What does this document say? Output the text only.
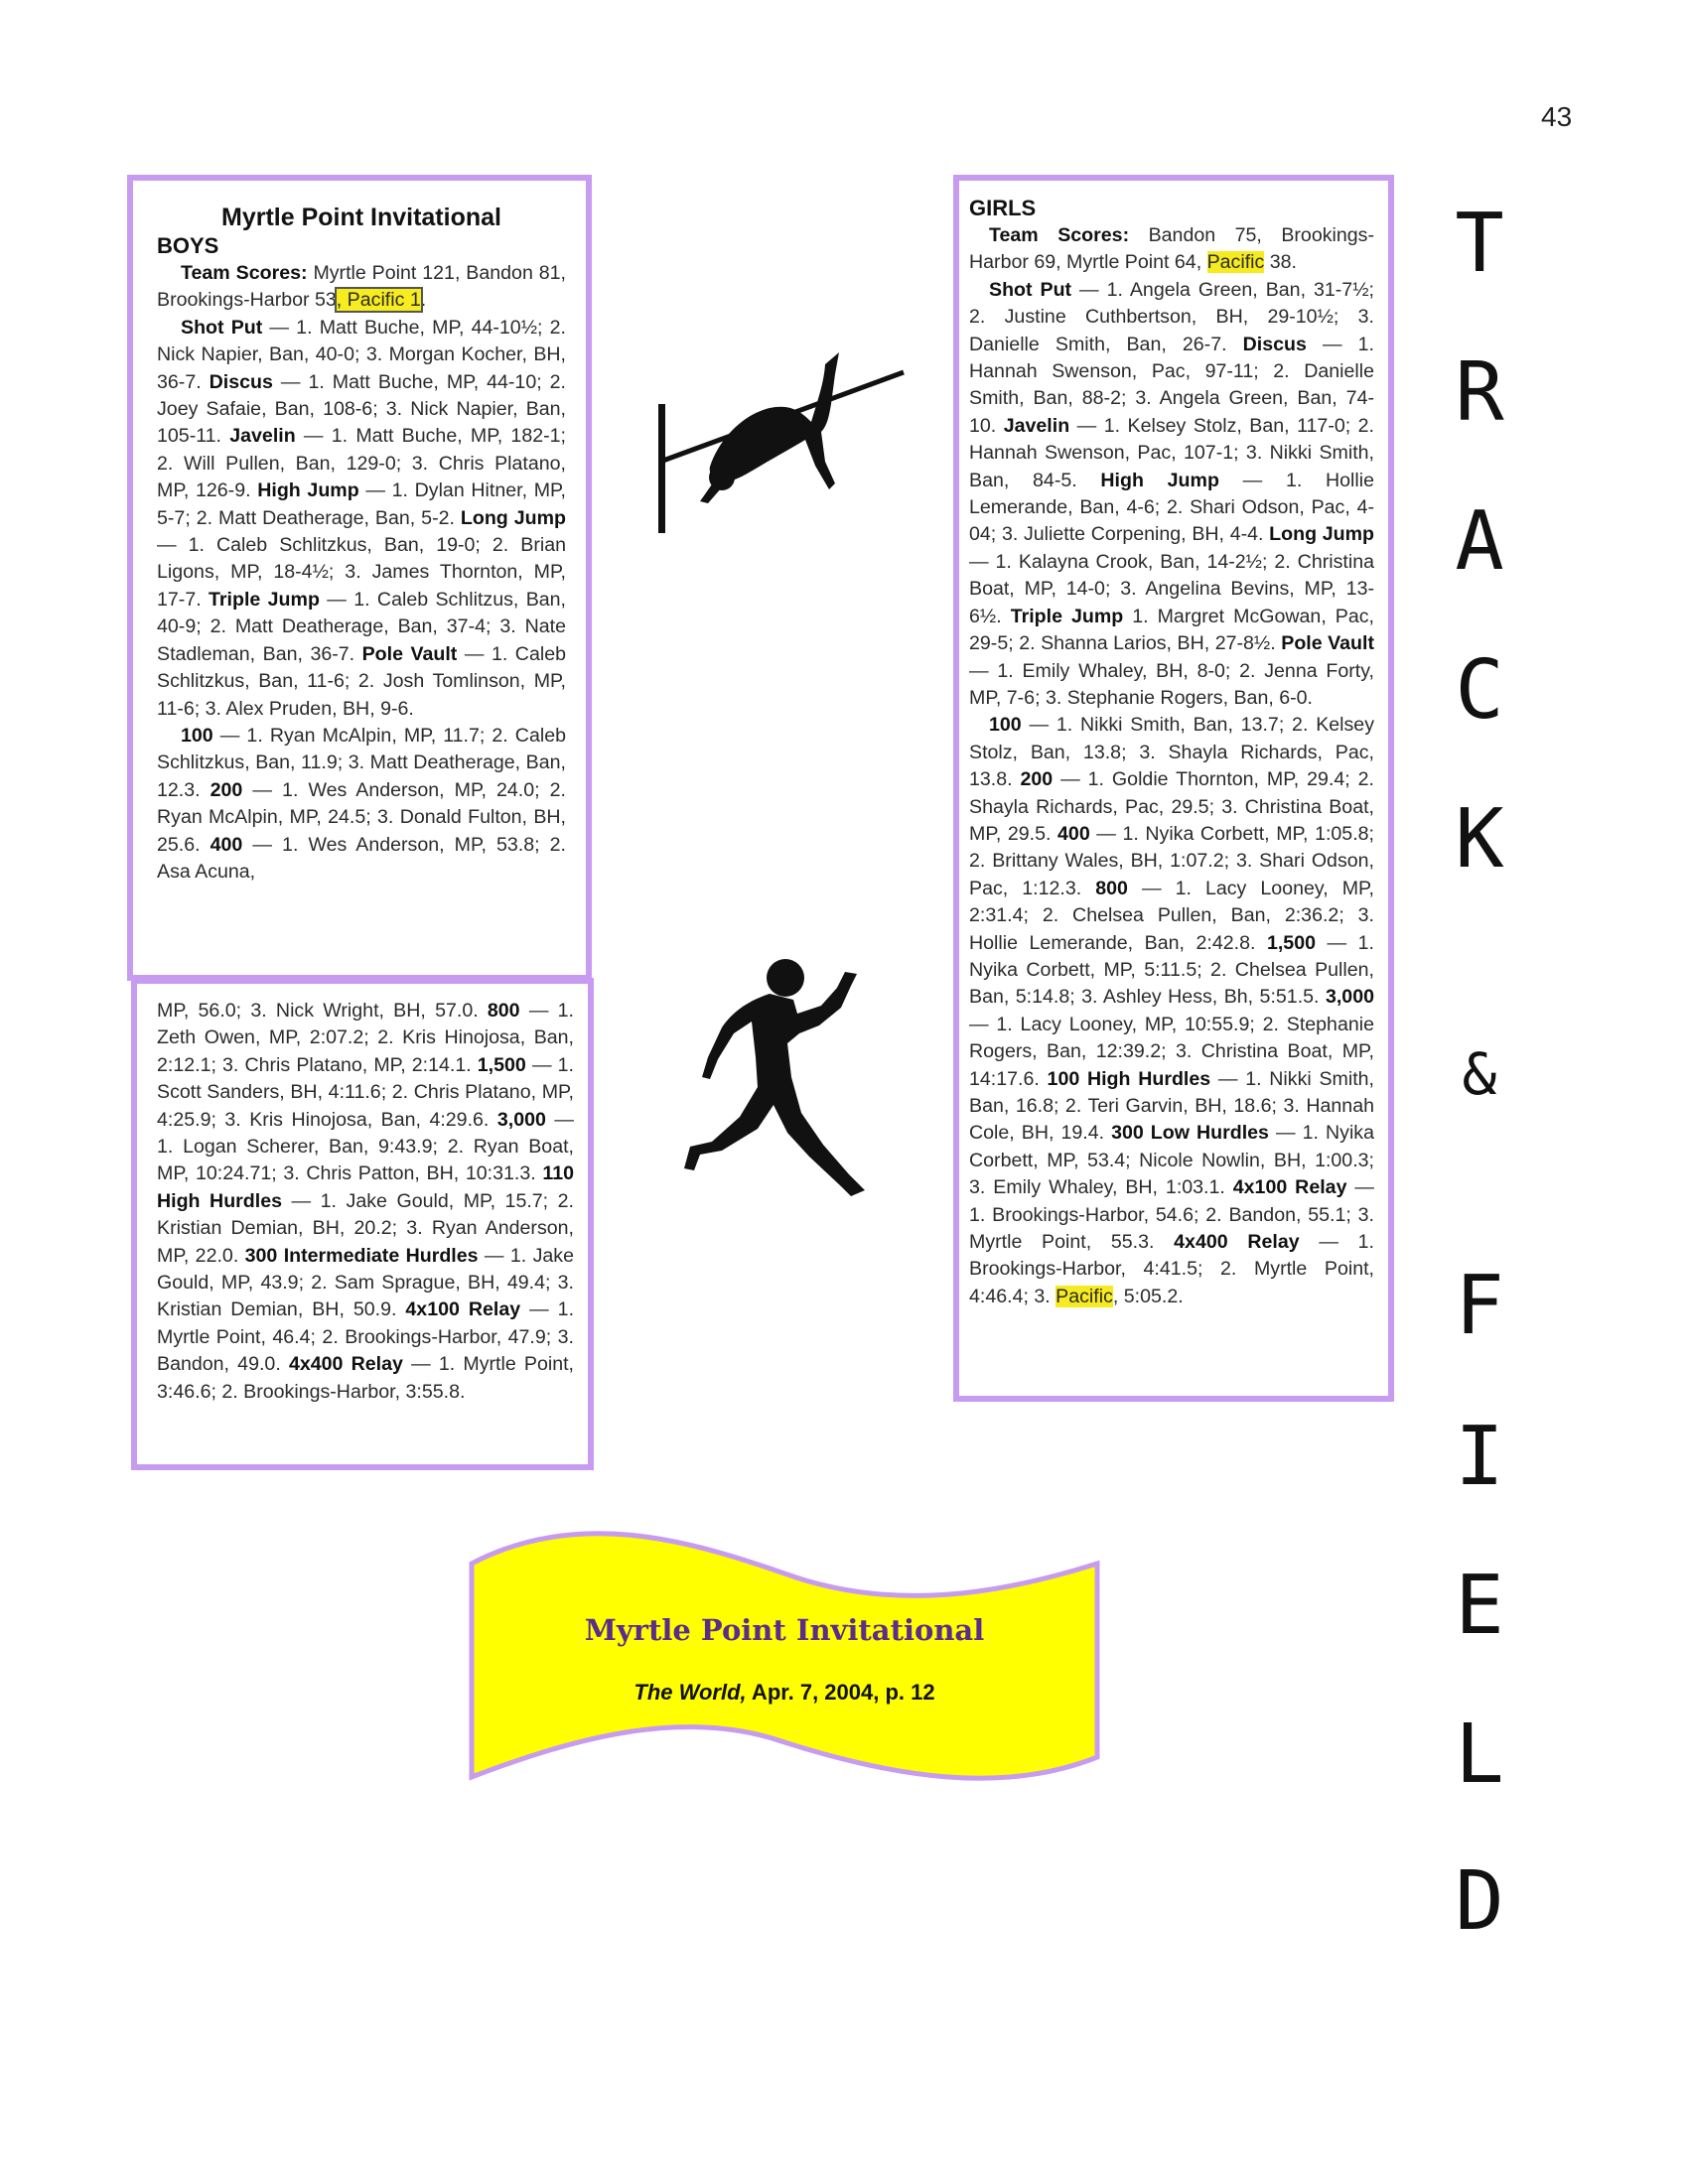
43
Myrtle Point Invitational
BOYS
Team Scores: Myrtle Point 121, Bandon 81, Brookings-Harbor 53, Pacific 1.
Shot Put — 1. Matt Buche, MP, 44-10½; 2. Nick Napier, Ban, 40-0; 3. Morgan Kocher, BH, 36-7. Discus — 1. Matt Buche, MP, 44-10; 2. Joey Safaie, Ban, 108-6; 3. Nick Napier, Ban, 105-11. Javelin — 1. Matt Buche, MP, 182-1; 2. Will Pullen, Ban, 129-0; 3. Chris Platano, MP, 126-9. High Jump — 1. Dylan Hitner, MP, 5-7; 2. Matt Deatherage, Ban, 5-2. Long Jump — 1. Caleb Schlitzkus, Ban, 19-0; 2. Brian Ligons, MP, 18-4½; 3. James Thornton, MP, 17-7. Triple Jump — 1. Caleb Schlitzus, Ban, 40-9; 2. Matt Deatherage, Ban, 37-4; 3. Nate Stadleman, Ban, 36-7. Pole Vault — 1. Caleb Schlitzkus, Ban, 11-6; 2. Josh Tomlinson, MP, 11-6; 3. Alex Pruden, BH, 9-6.
100 — 1. Ryan McAlpin, MP, 11.7; 2. Caleb Schlitzkus, Ban, 11.9; 3. Matt Deatherage, Ban, 12.3. 200 — 1. Wes Anderson, MP, 24.0; 2. Ryan McAlpin, MP, 24.5; 3. Donald Fulton, BH, 25.6. 400 — 1. Wes Anderson, MP, 53.8; 2. Asa Acuna,
MP, 56.0; 3. Nick Wright, BH, 57.0. 800 — 1. Zeth Owen, MP, 2:07.2; 2. Kris Hinojosa, Ban, 2:12.1; 3. Chris Platano, MP, 2:14.1. 1,500 — 1. Scott Sanders, BH, 4:11.6; 2. Chris Platano, MP, 4:25.9; 3. Kris Hinojosa, Ban, 4:29.6. 3,000 — 1. Logan Scherer, Ban, 9:43.9; 2. Ryan Boat, MP, 10:24.71; 3. Chris Patton, BH, 10:31.3. 110 High Hurdles — 1. Jake Gould, MP, 15.7; 2. Kristian Demian, BH, 20.2; 3. Ryan Anderson, MP, 22.0. 300 Intermediate Hurdles — 1. Jake Gould, MP, 43.9; 2. Sam Sprague, BH, 49.4; 3. Kristian Demian, BH, 50.9. 4x100 Relay — 1. Myrtle Point, 46.4; 2. Brookings-Harbor, 47.9; 3. Bandon, 49.0. 4x400 Relay — 1. Myrtle Point, 3:46.6; 2. Brookings-Harbor, 3:55.8.
GIRLS
Team Scores: Bandon 75, Brookings-Harbor 69, Myrtle Point 64, Pacific 38.
Shot Put — 1. Angela Green, Ban, 31-7½; 2. Justine Cuthbertson, BH, 29-10½; 3. Danielle Smith, Ban, 26-7. Discus — 1. Hannah Swenson, Pac, 97-11; 2. Danielle Smith, Ban, 88-2; 3. Angela Green, Ban, 74-10. Javelin — 1. Kelsey Stolz, Ban, 117-0; 2. Hannah Swenson, Pac, 107-1; 3. Nikki Smith, Ban, 84-5. High Jump — 1. Hollie Lemerande, Ban, 4-6; 2. Shari Odson, Pac, 4-04; 3. Juliette Corpening, BH, 4-4. Long Jump — 1. Kalayna Crook, Ban, 14-2½; 2. Christina Boat, MP, 14-0; 3. Angelina Bevins, MP, 13-6½. Triple Jump 1. Margret McGowan, Pac, 29-5; 2. Shanna Larios, BH, 27-8½. Pole Vault — 1. Emily Whaley, BH, 8-0; 2. Jenna Forty, MP, 7-6; 3. Stephanie Rogers, Ban, 6-0.
100 — 1. Nikki Smith, Ban, 13.7; 2. Kelsey Stolz, Ban, 13.8; 3. Shayla Richards, Pac, 13.8. 200 — 1. Goldie Thornton, MP, 29.4; 2. Shayla Richards, Pac, 29.5; 3. Christina Boat, MP, 29.5. 400 — 1. Nyika Corbett, MP, 1:05.8; 2. Brittany Wales, BH, 1:07.2; 3. Shari Odson, Pac, 1:12.3. 800 — 1. Lacy Looney, MP, 2:31.4; 2. Chelsea Pullen, Ban, 2:36.2; 3. Hollie Lemerande, Ban, 2:42.8. 1,500 — 1. Nyika Corbett, MP, 5:11.5; 2. Chelsea Pullen, Ban, 5:14.8; 3. Ashley Hess, Bh, 5:51.5. 3,000 — 1. Lacy Looney, MP, 10:55.9; 2. Stephanie Rogers, Ban, 12:39.2; 3. Christina Boat, MP, 14:17.6. 100 High Hurdles — 1. Nikki Smith, Ban, 16.8; 2. Teri Garvin, BH, 18.6; 3. Hannah Cole, BH, 19.4. 300 Low Hurdles — 1. Nyika Corbett, MP, 53.4; Nicole Nowlin, BH, 1:00.3; 3. Emily Whaley, BH, 1:03.1. 4x100 Relay — 1. Brookings-Harbor, 54.6; 2. Bandon, 55.1; 3. Myrtle Point, 55.3. 4x400 Relay — 1. Brookings-Harbor, 4:41.5; 2. Myrtle Point, 4:46.4; 3. Pacific, 5:05.2.
T
R
A
C
K
&
F
I
E
L
D
Myrtle Point Invitational
The World, Apr. 7, 2004, p. 12
